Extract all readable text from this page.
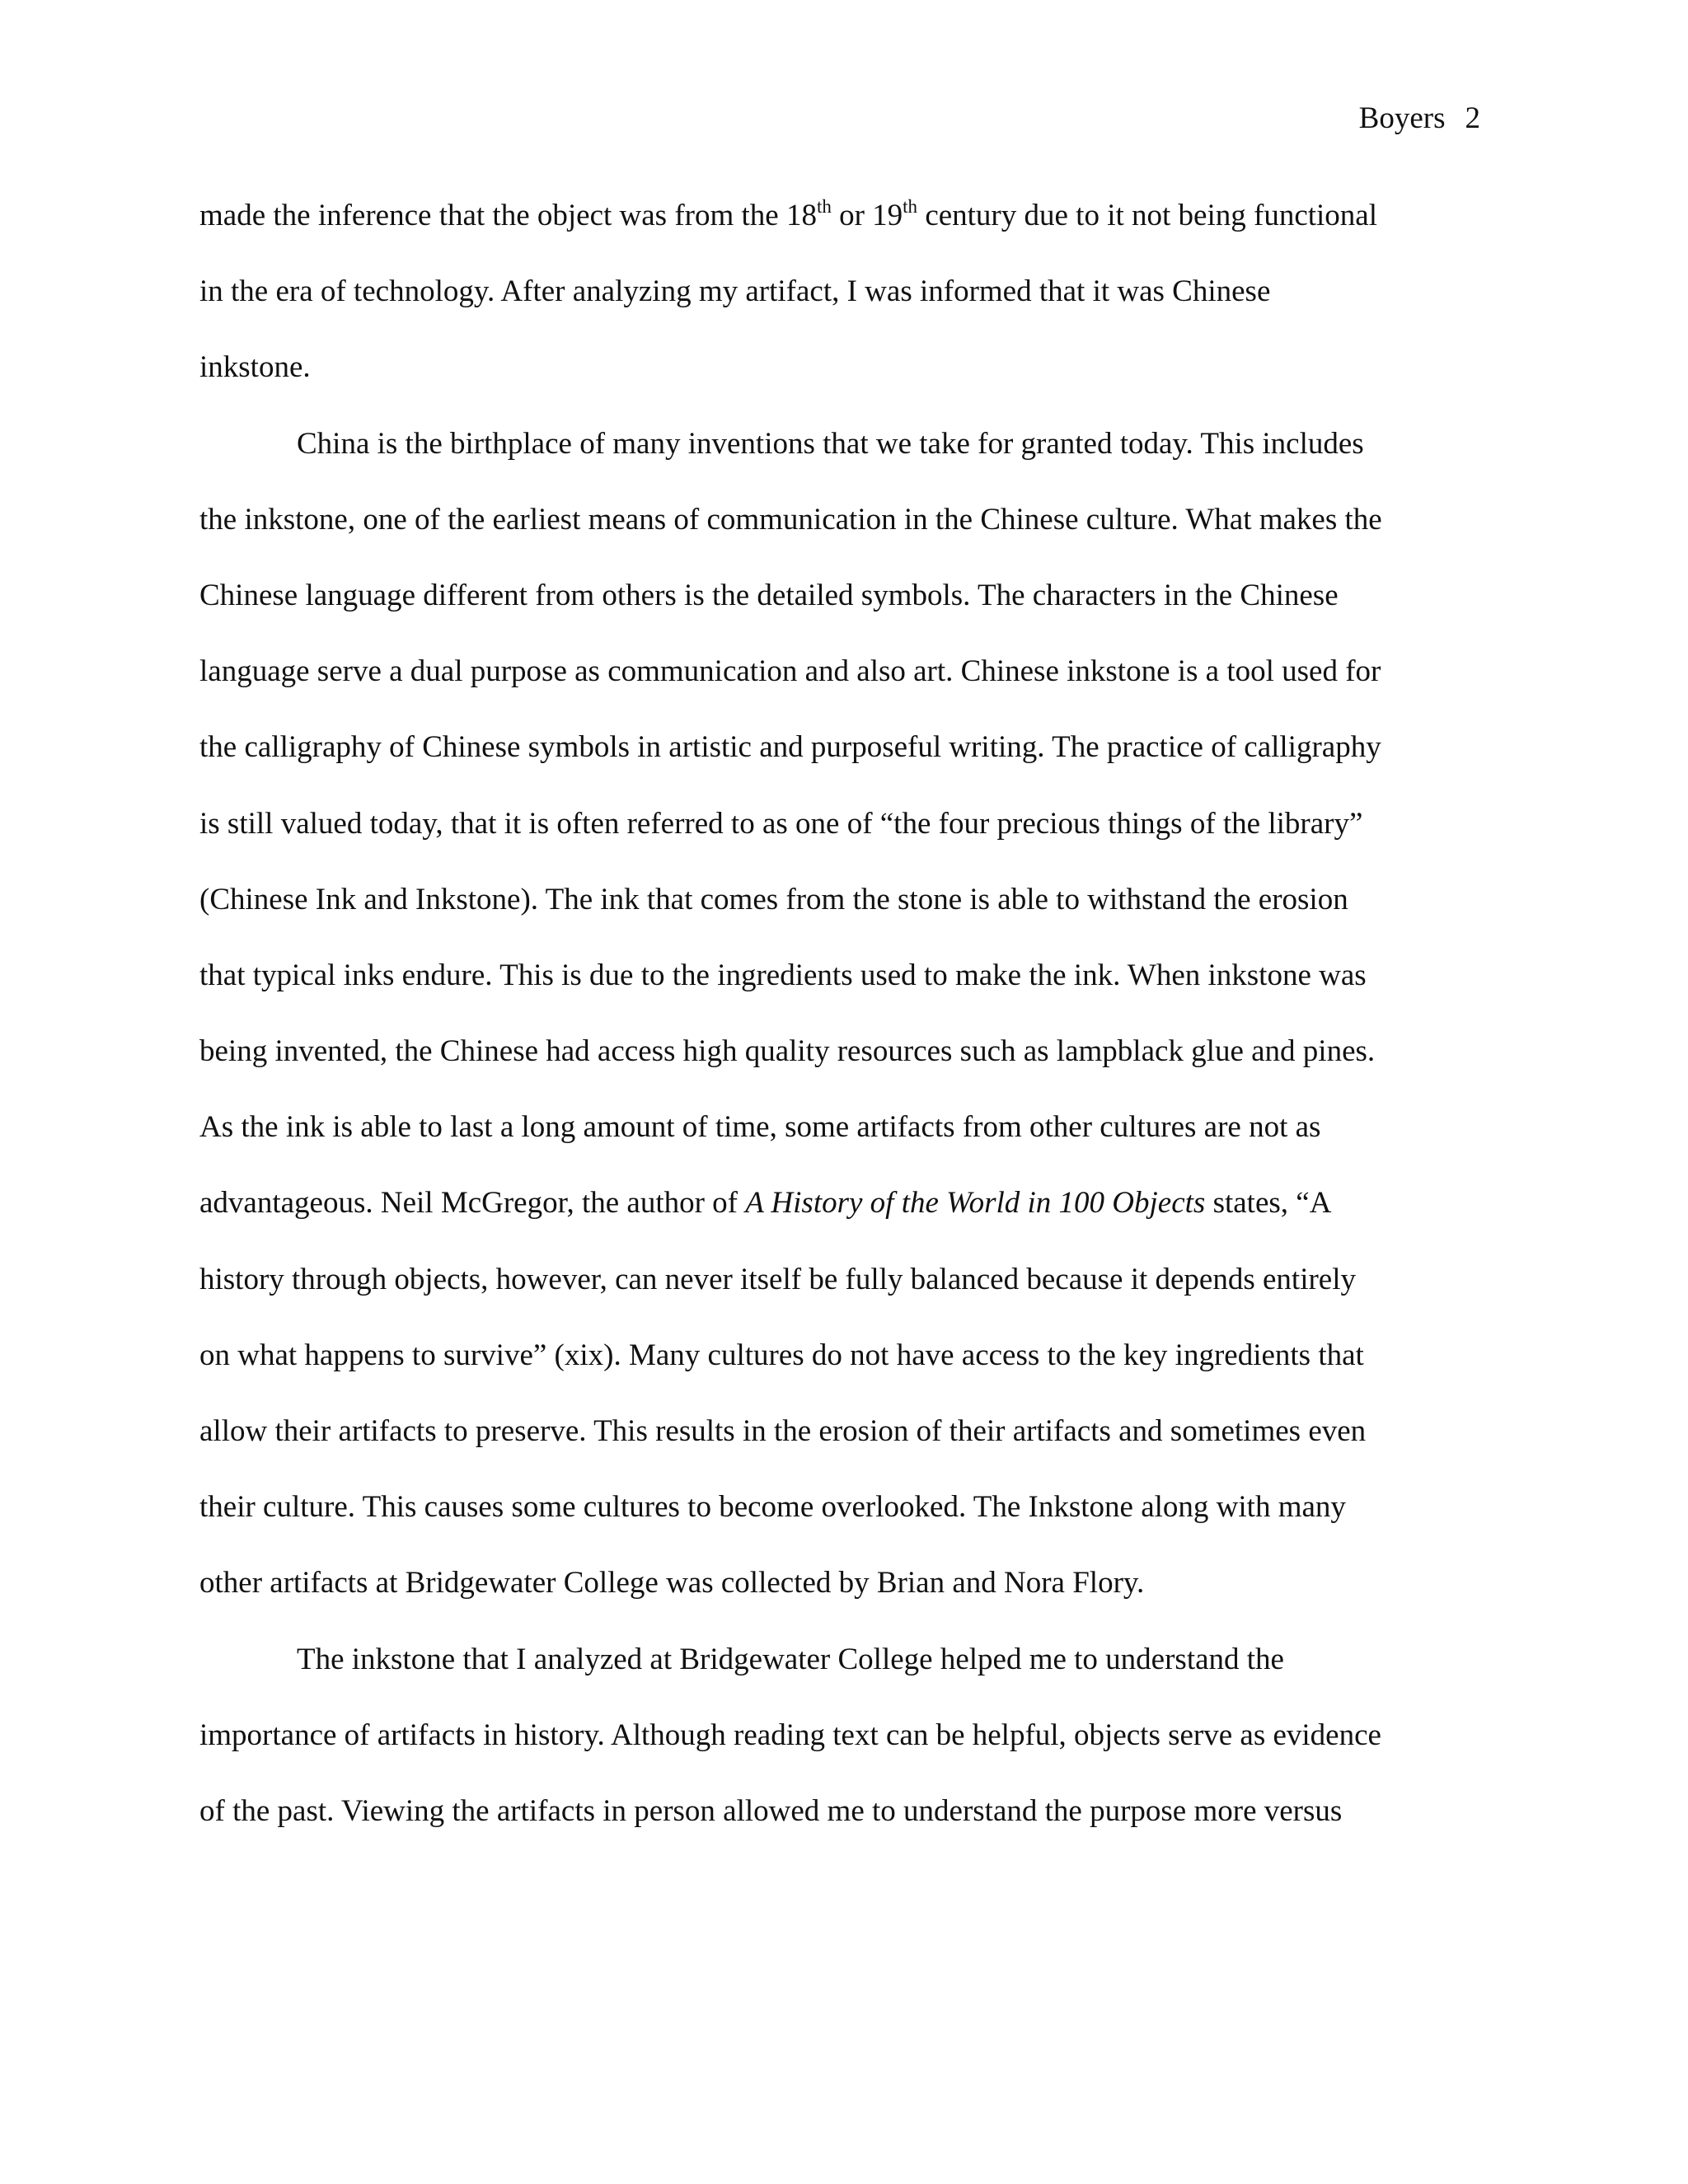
Boyers 2
made the inference that the object was from the 18th or 19th century due to it not being functional
in the era of technology. After analyzing my artifact, I was informed that it was Chinese
inkstone.
China is the birthplace of many inventions that we take for granted today. This includes
the inkstone, one of the earliest means of communication in the Chinese culture. What makes the
Chinese language different from others is the detailed symbols. The characters in the Chinese
language serve a dual purpose as communication and also art. Chinese inkstone is a tool used for
the calligraphy of Chinese symbols in artistic and purposeful writing. The practice of calligraphy
is still valued today, that it is often referred to as one of “the four precious things of the library”
(Chinese Ink and Inkstone). The ink that comes from the stone is able to withstand the erosion
that typical inks endure. This is due to the ingredients used to make the ink. When inkstone was
being invented, the Chinese had access high quality resources such as lampblack glue and pines.
As the ink is able to last a long amount of time, some artifacts from other cultures are not as
advantageous. Neil McGregor, the author of A History of the World in 100 Objects states, “A
history through objects, however, can never itself be fully balanced because it depends entirely
on what happens to survive” (xix). Many cultures do not have access to the key ingredients that
allow their artifacts to preserve. This results in the erosion of their artifacts and sometimes even
their culture. This causes some cultures to become overlooked. The Inkstone along with many
other artifacts at Bridgewater College was collected by Brian and Nora Flory.
The inkstone that I analyzed at Bridgewater College helped me to understand the
importance of artifacts in history. Although reading text can be helpful, objects serve as evidence
of the past. Viewing the artifacts in person allowed me to understand the purpose more versus
